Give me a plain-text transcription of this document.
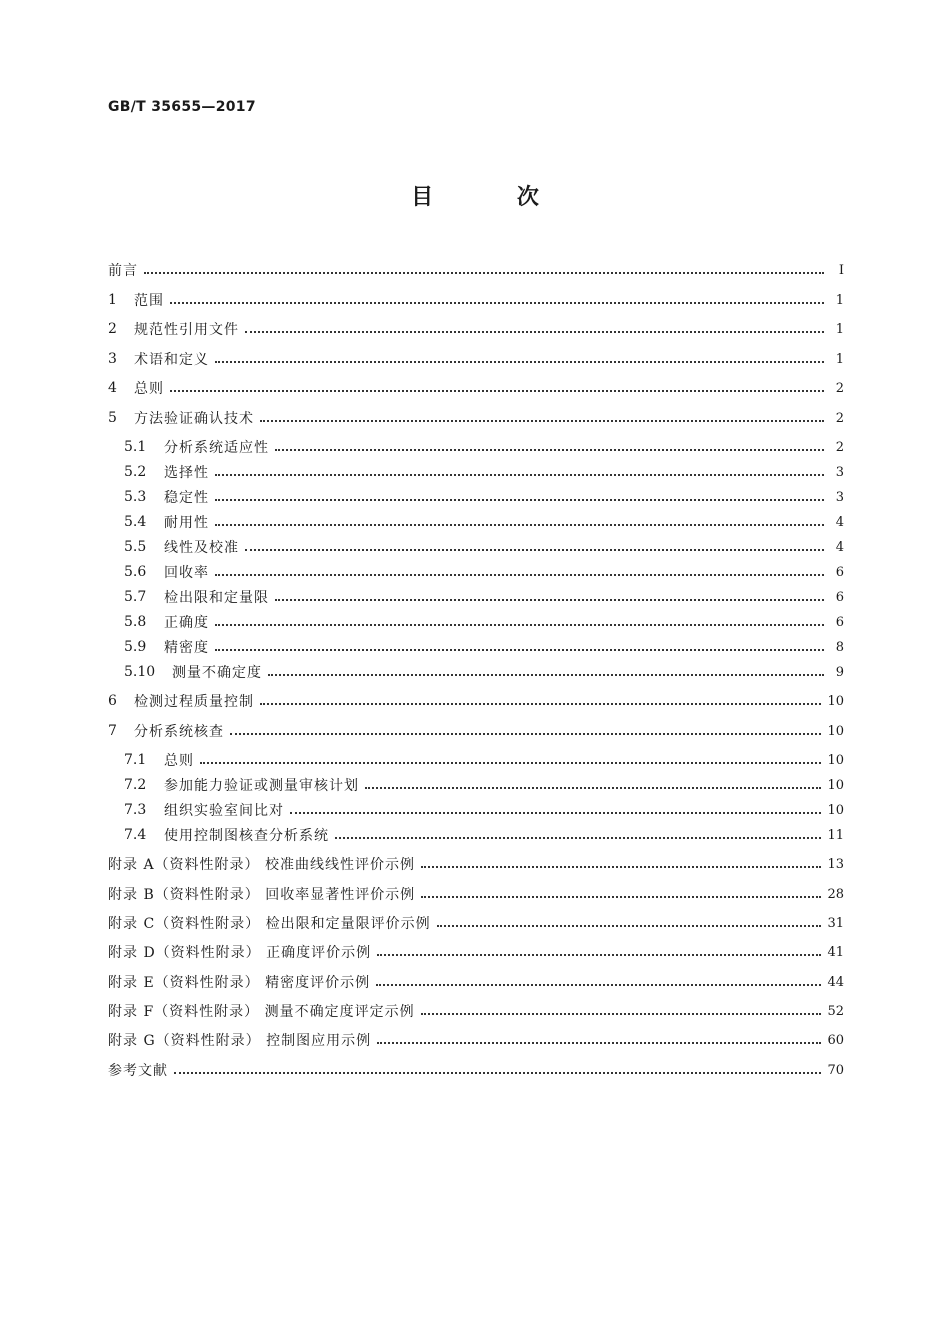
GB/T 35655—2017
目 次
前言	Ⅰ
1	范围	1
2	规范性引用文件	1
3	术语和定义	1
4	总则	2
5	方法验证确认技术	2
5.1	分析系统适应性	2
5.2	选择性	3
5.3	稳定性	3
5.4	耐用性	4
5.5	线性及校准	4
5.6	回收率	6
5.7	检出限和定量限	6
5.8	正确度	6
5.9	精密度	8
5.10	测量不确定度	9
6	检测过程质量控制	10
7	分析系统核查	10
7.1	总则	10
7.2	参加能力验证或测量审核计划	10
7.3	组织实验室间比对	10
7.4	使用控制图核查分析系统	11
附录 A（资料性附录） 校准曲线线性评价示例	13
附录 B（资料性附录） 回收率显著性评价示例	28
附录 C（资料性附录） 检出限和定量限评价示例	31
附录 D（资料性附录） 正确度评价示例	41
附录 E（资料性附录） 精密度评价示例	44
附录 F（资料性附录） 测量不确定度评定示例	52
附录 G（资料性附录） 控制图应用示例	60
参考文献	70
